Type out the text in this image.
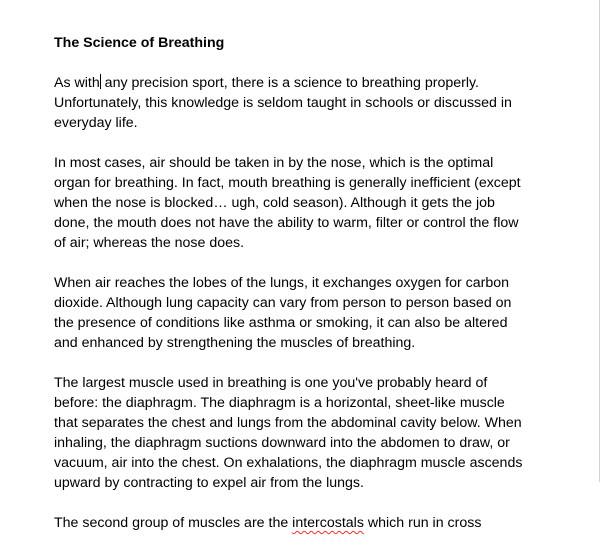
The Science of Breathing
As with any precision sport, there is a science to breathing properly.
Unfortunately, this knowledge is seldom taught in schools or discussed in
everyday life.
In most cases, air should be taken in by the nose, which is the optimal
organ for breathing. In fact, mouth breathing is generally inefficient (except
when the nose is blocked… ugh, cold season). Although it gets the job
done, the mouth does not have the ability to warm, filter or control the flow
of air; whereas the nose does.
When air reaches the lobes of the lungs, it exchanges oxygen for carbon
dioxide. Although lung capacity can vary from person to person based on
the presence of conditions like asthma or smoking, it can also be altered
and enhanced by strengthening the muscles of breathing.
The largest muscle used in breathing is one you've probably heard of
before: the diaphragm. The diaphragm is a horizontal, sheet-like muscle
that separates the chest and lungs from the abdominal cavity below. When
inhaling, the diaphragm suctions downward into the abdomen to draw, or
vacuum, air into the chest. On exhalations, the diaphragm muscle ascends
upward by contracting to expel air from the lungs.
The second group of muscles are the intercostals which run in cross
